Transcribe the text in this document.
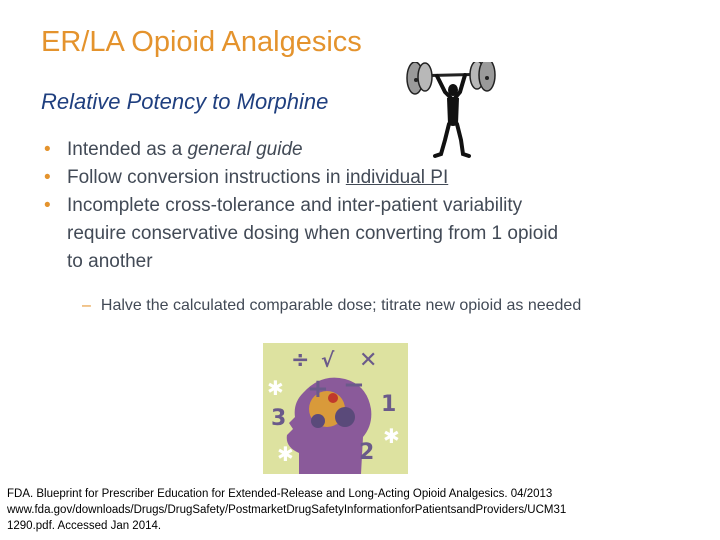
ER/LA Opioid Analgesics
Relative Potency to Morphine
• Intended as a general guide
• Follow conversion instructions in individual PI
• Incomplete cross-tolerance and inter-patient variability
require conservative dosing when converting from 1 opioid
to another
– Halve the calculated comparable dose; titrate new opioid as needed
÷ √ ✕
+ −
3
1
2
✱
✱
✱
FDA. Blueprint for Prescriber Education for Extended-Release and Long-Acting Opioid Analgesics. 04/2013
www.fda.gov/downloads/Drugs/DrugSafety/PostmarketDrugSafetyInformationforPatientsandProviders/UCM31
1290.pdf. Accessed Jan 2014.
